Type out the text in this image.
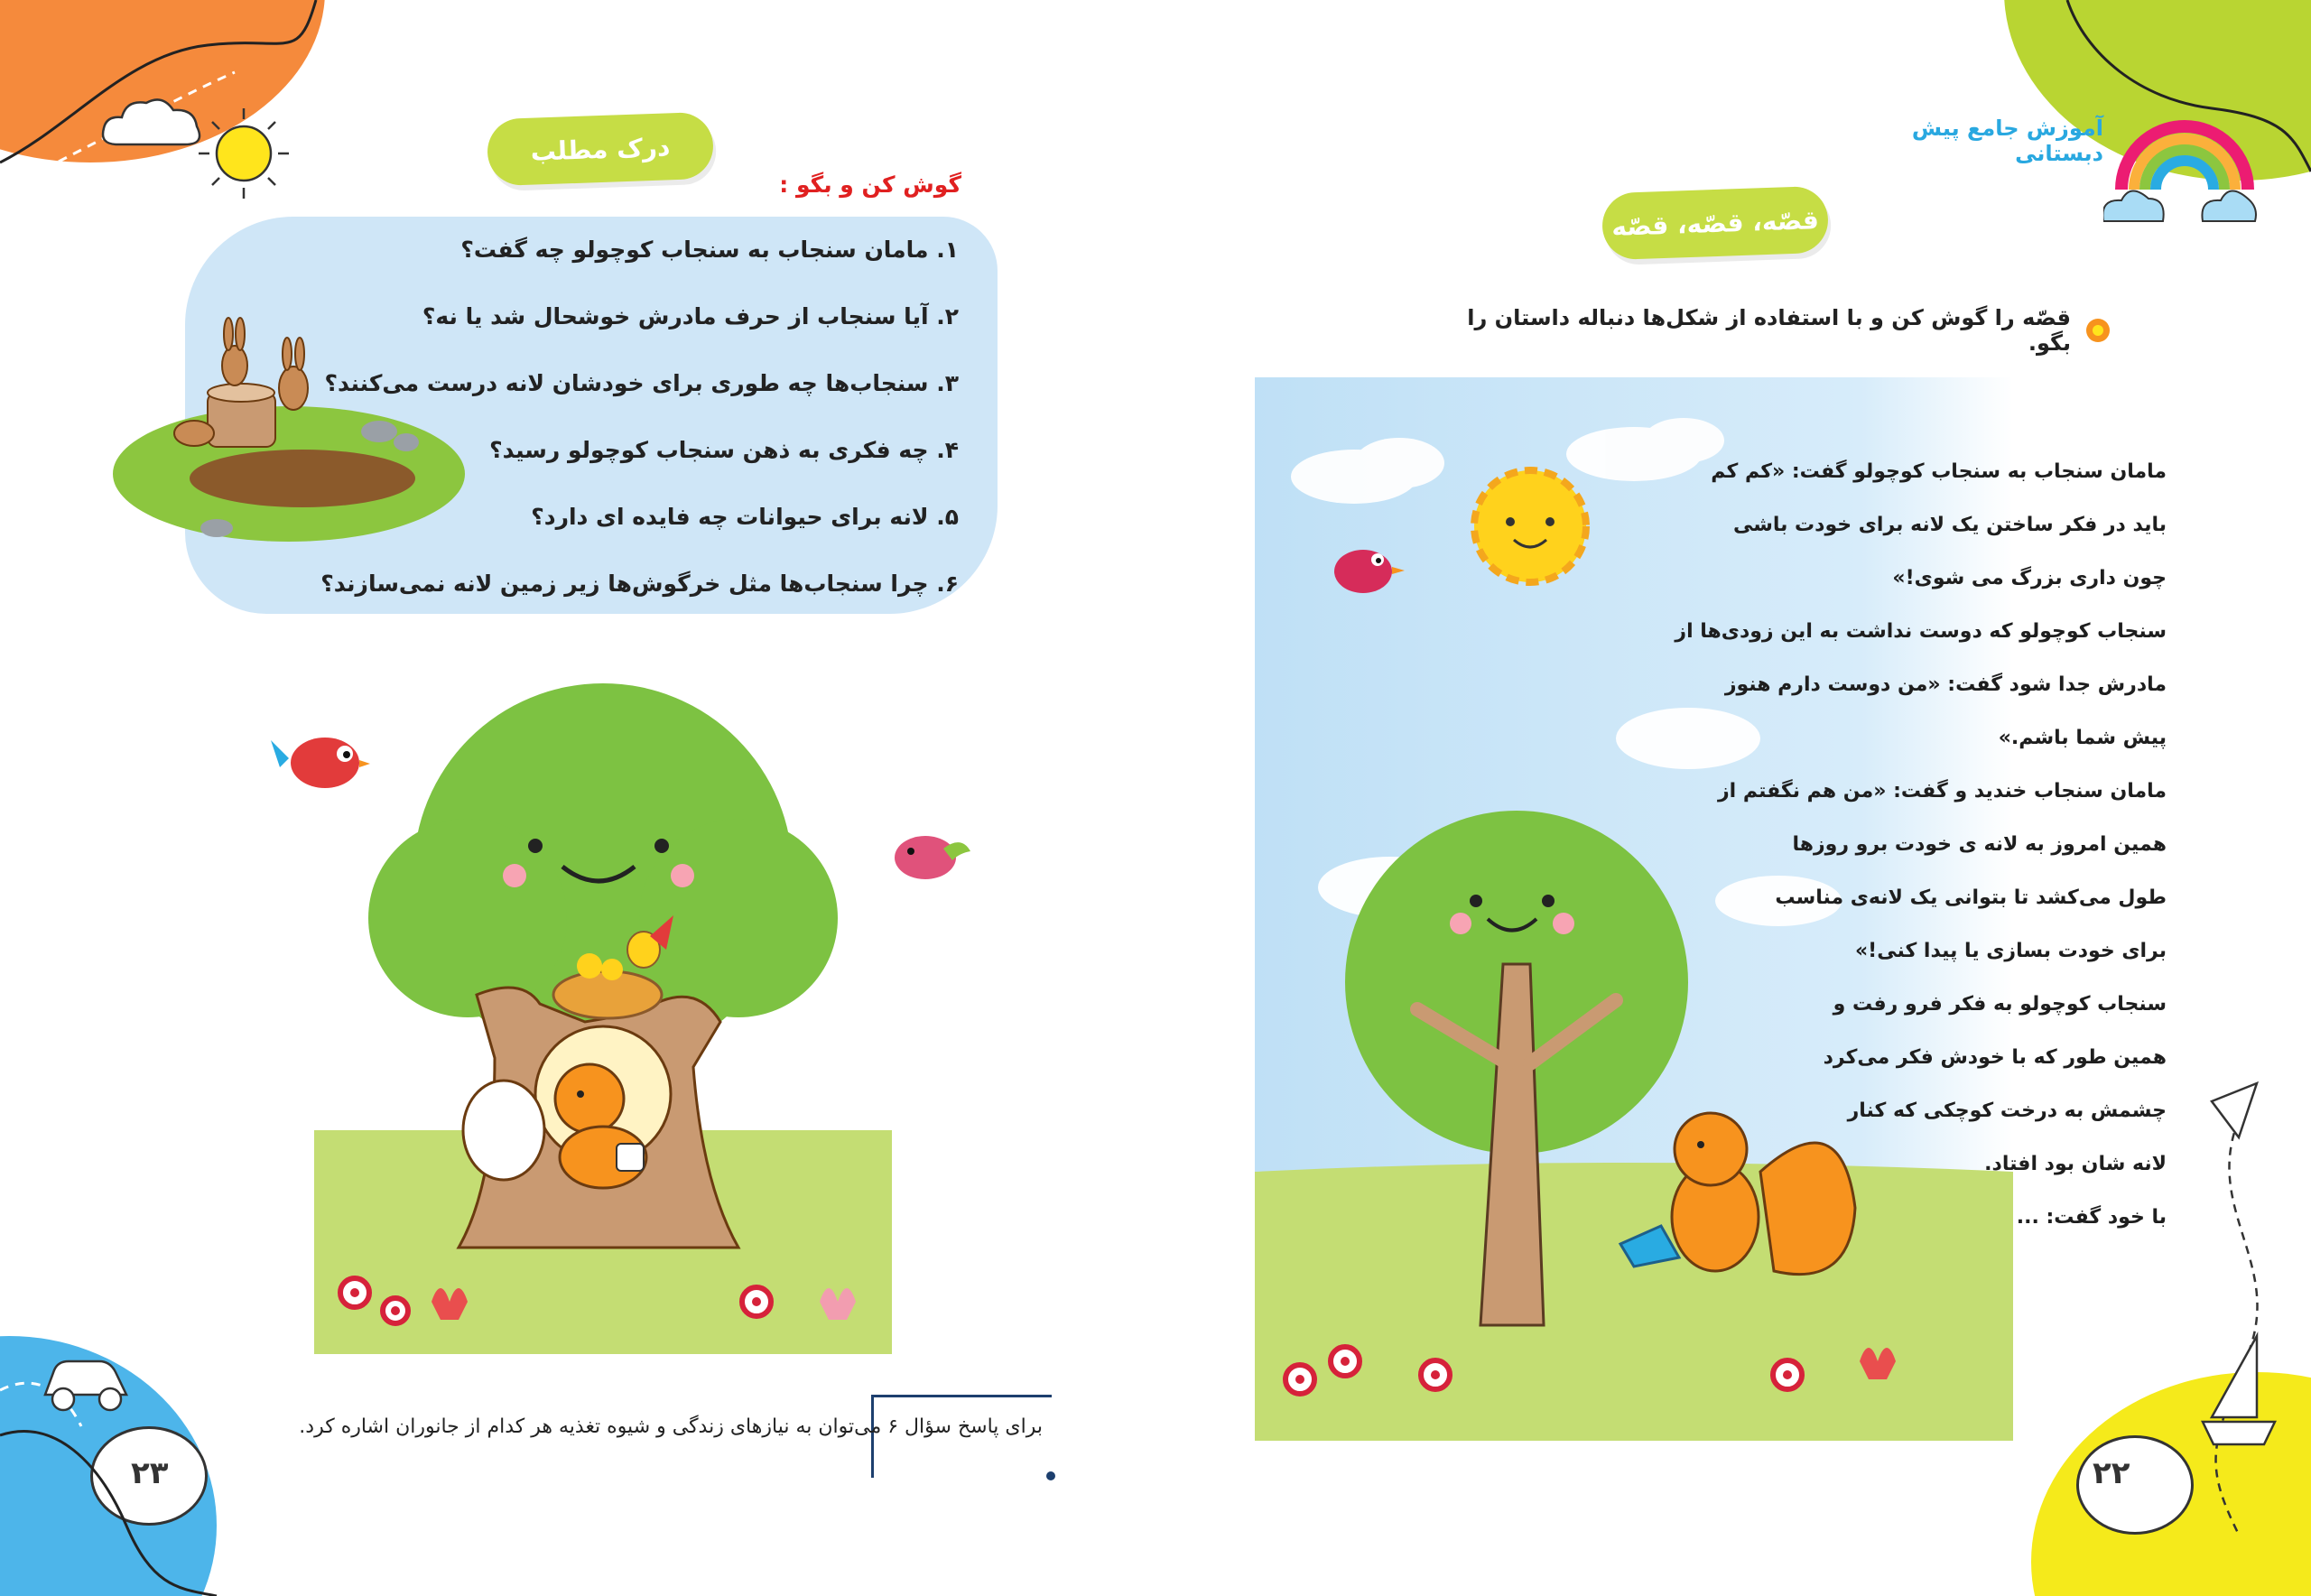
آموزش جامع پیش دبستانی
۲۳	۲۲
قصّه، قصّه، قصّه
قصّه را گوش کن و با استفاده از شکل‌ها دنباله داستان را بگو.
مامان سنجاب به سنجاب کوچولو گفت: «کم کم
باید در فکر ساختن یک لانه برای خودت باشی
چون داری بزرگ می شوی!»
سنجاب کوچولو که دوست نداشت به این زودی‌ها از
مادرش جدا شود گفت: «من دوست دارم هنوز
پیش شما باشم.»
مامان سنجاب خندید و گفت: «من هم نگفتم از
همین امروز به لانه ی خودت برو روزها
طول می‌کشد تا بتوانی یک لانه‌ی مناسب
برای خودت بسازی یا پیدا کنی!»
سنجاب کوچولو به فکر فرو رفت و
همین طور که با خودش فکر می‌کرد
چشمش به درخت کوچکی که کنار
لانه شان بود افتاد.
با خود گفت: ...
درک مطلب
گوش کن و بگو :
۱. مامان سنجاب به سنجاب کوچولو چه گفت؟
۲. آیا سنجاب از حرف مادرش خوشحال شد یا نه؟
۳. سنجاب‌ها چه طوری برای خودشان لانه درست می‌کنند؟
۴. چه فکری به ذهن سنجاب کوچولو رسید؟
۵. لانه برای حیوانات چه فایده ای دارد؟
۶. چرا سنجاب‌ها مثل خرگوش‌ها زیر زمین لانه نمی‌سازند؟
برای پاسخ سؤال ۶ می‌توان به نیازهای زندگی و شیوه تغذیه هر کدام از جانوران اشاره کرد.
